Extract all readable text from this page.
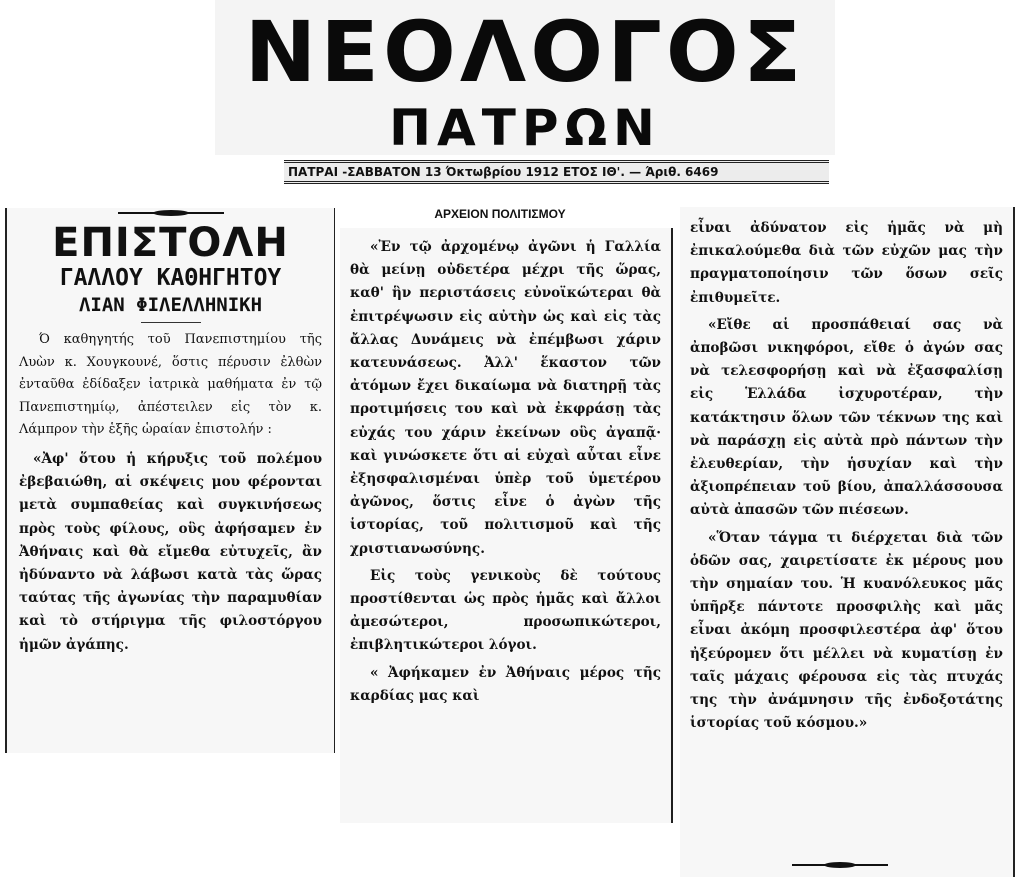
ΝΕΟΛΟΓΟΣ
ΠΑΤΡΩΝ
ΠΑΤΡΑΙ -ΣΑΒΒΑΤΟΝ 13 Όκτωβρίου 1912 ΕΤΟΣ ΙΘ'. — Άριθ. 6469
ΑΡΧΕΙΟΝ ΠΟΛΙΤΙΣΜΟΥ
ΕΠΙΣΤΟΛΗ
ΓΑΛΛΟΥ ΚΑΘΗΓΗΤΟΥ
ΛΙΑΝ ΦΙΛΕΛΛΗΝΙΚΗ

Ό καθηγητής τοῦ Πανεπιστημίου τῆς Λυὼν κ. Χουγκουνέ, ὅστις πέρυσιν ἐλθὼν ἐνταῦθα ἐδίδαξεν ἰατρικὰ μαθήματα ἐν τῷ Πανεπιστημίῳ, ἀπέστειλεν εἰς τὸν κ. Λάμπρον τὴν ἑξῆς ὡραίαν ἐπιστολήν :

«Ἀφ' ὅτου ἡ κήρυξις τοῦ πολέμου ἐβεβαιώθη, αἱ σκέψεις μου φέρονται μετὰ συμπαθείας καὶ συγκινήσεως πρὸς τοὺς φίλους, οὓς ἀφήσαμεν ἐν Ἀθήναις καὶ θὰ εἴμεθα εὐτυχεῖς, ἂν ἠδύναντο νὰ λάβωσι κατὰ τὰς ὥρας ταύτας τῆς ἀγωνίας τὴν παραμυθίαν καὶ τὸ στήριγμα τῆς φιλοστόργου ἡμῶν ἀγάπης.

«Ἐν τῷ ἀρχομένῳ ἀγῶνι ἡ Γαλλία θὰ μείνῃ οὐδετέρα μέχρι τῆς ὥρας, καθ' ἣν περιστάσεις εὐνοϊκώτεραι θὰ ἐπιτρέψωσιν εἰς αὐτὴν ὡς καὶ εἰς τὰς ἄλλας Δυνάμεις νὰ ἐπέμβωσι χάριν κατευνάσεως. Ἀλλ' ἕκαστον τῶν ἀτόμων ἔχει δικαίωμα νὰ διατηρῇ τὰς προτιμήσεις του καὶ νὰ ἐκφράσῃ τὰς εὐχάς του χάριν ἐκείνων οὓς ἀγαπᾷ· καὶ γινώσκετε ὅτι αἱ εὐχαὶ αὗται εἶνε ἐξησφαλισμέναι ὑπὲρ τοῦ ὑμετέρου ἀγῶνος, ὅστις εἶνε ὁ ἀγὼν τῆς ἱστορίας, τοῦ πολιτισμοῦ καὶ τῆς χριστιανωσύνης.

Εἰς τοὺς γενικοὺς δὲ τούτους προστίθενται ὡς πρὸς ἡμᾶς καὶ ἄλλοι ἀμεσώτεροι, προσωπικώτεροι, ἐπιβλητικώτεροι λόγοι.

« Ἀφήκαμεν ἐν Ἀθήναις μέρος τῆς καρδίας μας καὶ

εἶναι ἀδύνατον εἰς ἡμᾶς νὰ μὴ ἐπικαλούμεθα διὰ τῶν εὐχῶν μας τὴν πραγματοποίησιν τῶν ὅσων σεῖς ἐπιθυμεῖτε.

«Εἴθε αἱ προσπάθειαί σας νὰ ἀποβῶσι νικηφόροι, εἴθε ὁ ἀγών σας νὰ τελεσφορήσῃ καὶ νὰ ἐξασφαλίσῃ εἰς Ἑλλάδα ἰσχυροτέραν, τὴν κατάκτησιν ὅλων τῶν τέκνων της καὶ νὰ παράσχῃ εἰς αὐτὰ πρὸ πάντων τὴν ἐλευθερίαν, τὴν ἡσυχίαν καὶ τὴν ἀξιοπρέπειαν τοῦ βίου, ἀπαλλάσσουσα αὐτὰ ἀπασῶν τῶν πιέσεων.

«Ὅταν τάγμα τι διέρχεται διὰ τῶν ὁδῶν σας, χαιρετίσατε ἐκ μέρους μου τὴν σημαίαν του. Ἡ κυανόλευκος μᾶς ὑπῆρξε πάντοτε προσφιλὴς καὶ μᾶς εἶναι ἀκόμη προσφιλεστέρα ἀφ' ὅτου ἠξεύρομεν ὅτι μέλλει νὰ κυματίσῃ ἐν ταῖς μάχαις φέρουσα εἰς τὰς πτυχάς της τὴν ἀνάμνησιν τῆς ἐνδοξοτάτης ἱστορίας τοῦ κόσμου.»
